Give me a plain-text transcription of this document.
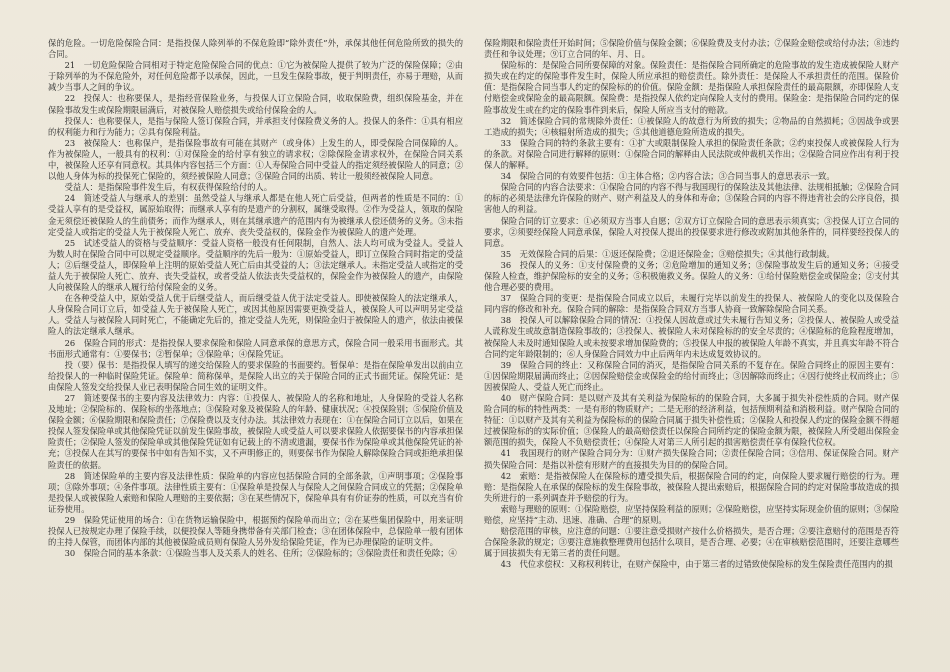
保的危险。一切危险保险合同：是指投保人除列举的不保危险即“除外责任”外，承保其他任何危险所致的损失的合同。

21　一切危险保险合同相对于特定危险保险合同的优点：①它为被保险人提供了较为广泛的保险保障；②由于除列举的为不保危险外，对任何危险都予以承保，因此，一旦发生保险事故，便于判明责任，亦易于理赔，从而减少当事人之间的争议。

22　投保人：也称要保人，是指经营保险业务，与投保人订立保险合同，收取保险费，组织保险基金，并在保险事故发生或保险期限届满后，对被保险人赔偿损失或给付保险金的人。

投保人：也称要保人，是指与保险人签订保险合同，并承担支付保险费义务的人。投保人的条件：①具有相应的权利能力和行为能力；②具有保险利益。

23　被保险人：也称保户，是指保险事故有可能在其财产（或身体）上发生的人，即受保险合同保障的人。作为被保险人，一般具有的权利：①对保险金的给付享有独立的请求权；②除保险金请求权外，在保险合同关系中，被保险人还享有同意权。其具体内容包括三个方面：①人寿保险合同中受益人的指定须经被保险人的同意；②以他人身体为标的投保死亡保险的，须经被保险人同意；③保险合同的出质、转让一般须经被保险人同意。

受益人：是指保险事件发生后，有权获得保险给付的人。

24　简述受益人与继承人的差别：虽然受益人与继承人都是在他人死亡后受益，但两者的性质是不同的：①受益人享有的是受益权，属原始取得；而继承人享有的是遗产的分割权，属继受取得。②作为受益人，领取的保险金无须偿还被保险人的生前债务；而作为继承人，则在其继承遗产的范围内有为被继承人偿还债务的义务。③未指定受益人或指定的受益人先于被保险人死亡、放弃、丧失受益权的，保险金作为被保险人的遗产处理。

25　试述受益人的资格与受益顺序：受益人资格一般没有任何限制，自然人、法人均可成为受益人。受益人为数人时在保险合同中可以规定受益顺序。受益顺序的先后一般为：①原始受益人，即订立保险合同时指定的受益人；②后继受益人，即保险单上注明的原始受益人死亡后由其受益的人；③法定继承人。未指定受益人或指定的受益人先于被保险人死亡、放弃、丧失受益权，或者受益人依法丧失受益权的，保险金作为被保险人的遗产，由保险人向被保险人的继承人履行给付保险金的义务。

在各种受益人中，原始受益人优于后继受益人，而后继受益人优于法定受益人。即使被保险人的法定继承人，人身保险合同订立后，如受益人先于被保险人死亡，或因其他原因需要更换受益人，被保险人可以声明另定受益人。受益人与被保险人同时死亡，不能确定先后的，推定受益人先死，则保险金归于被保险人的遗产，依法由被保险人的法定继承人继承。

26　保险合同的形式：是指投保人要求保险和保险人同意承保的意思方式，保险合同一般采用书面形式。其书面形式通常有：①要保书；②暂保单；③保险单；④保险凭证。

投（要）保书：是指投保人填写的递交给保险人的要求保险的书面要约。暂保单：是指在保险单发出以前由立给投保人的一种临时保险凭证。保险单：简称保单，是保险人出立的关于保险合同的正式书面凭证。保险凭证：是由保险人签发交给投保人业已表明保险合同生效的证明文件。

27　简述要保书的主要内容及法律效力：内容：①投保人、被保险人的名称和地址，人身保险的受益人名称及地址；②保险标的、保险标的坐落地点；③保险对象及被保险人的年龄、健康状况；④投保险别；⑤保险价值及保险金额；⑥保险期限和保险责任；⑦保险费以及支付办法。其法律效力表现在：①在保险合同订立以后，如果在投保人签发保险单或其他保险凭证以前发生保险事故，被保险人或受益人可以要求保险人依据要保书的内容承担保险责任；②保险人签发的保险单或其他保险凭证如有记载上的不清或遗漏，要保书作为保险单或其他保险凭证的补充；③投保人在其写的要保书中如有告知不实，又不声明修正的，则要保书作为保险人解除保险合同或拒绝承担保险责任的依据。

28　简述保险单的主要内容及法律性质：保险单的内容应包括保险合同的全部条款，①声明事项；②保险事项；③除外事项；④条件事项。法律性质主要有：①保险单是投保人与保险人之间保险合同成立的凭据；②保险单是投保人或被保险人索赔和保险人理赔的主要依据；③在某些情况下，保险单具有有价证券的性质，可以充当有价证券使用。

29　保险凭证使用的场合：①在货物运输保险中，根据预约保险单而出立；②在某些集团保险中，用来证明投保人已按规定办理了保险手续，以便投保人等随身携带备有关部门检查；③在团体保险中，总保险单一般有团体的主持人保管，而团体内部的其他被保险成员则有保险人另外发给保险凭证，作为已办理保险的证明文件。

30　保险合同的基本条款：①保险当事人及关系人的姓名、住所；②保险标的；③保险责任和责任免除；④

保险期限和保险责任开始时间；⑤保险价值与保险金额；⑥保险费及支付办法；⑦保险金赔偿或给付办法；⑧违约责任和争议处理；⑨订立合同的年、月、日。

保险标的：是保险合同所要保障的对象。保险责任：是指保险合同所确定的危险事故的发生造成被保险人财产损失或在约定的保险事件发生时，保险人所应承担的赔偿责任。除外责任：是保险人不承担责任的范围。保险价值：是指保险合同当事人约定的保险标的的价值。保险金额：是指保险人承担保险责任的最高限额，亦即保险人支付赔偿金或保险金的最高限额。保险费：是指投保人依约定向保险人支付的费用。保险金：是指保险合同约定的保险事故发生或在约定的保险事件到来后，保险人所应当支付的赔款。

32　简述保险合同的常规除外责任：①被保险人的故意行为所致的损失；②物品的自然损耗；③因战争或罢工造成的损失；④核辐射所造成的损失；⑤其他道德危险所造成的损失。

33　保险合同的特约条款主要有：①扩大或限制保险人承担的保险责任条款；②约束投保人或被保险人行为的条款。对保险合同进行解释的原则：①保险合同的解释由人民法院或仲裁机关作出；②保险合同应作出有利于投保人的解释。

34　保险合同的有效要件包括：①主体合格；②内容合法；③合同当事人的意思表示一致。

保险合同的内容合法要求：①保险合同的内容不得与我国现行的保险法及其他法律、法规相抵触；②保险合同的标的必须是法律允许保险的财产、财产利益及人的身体和寿命；③保险合同的内容不得违背社会的公序良俗，损害他人的利益。

保险合同的订立要求：①必须双方当事人自愿；②双方订立保险合同的意思表示须真实；③投保人订立合同的要求，②须要经保险人同意承保，保险人对投保人提出的投保要求进行修改或附加其他条件的，同样要经投保人的同意。

35　无效保险合同的后果：①返还保险费；②退还保险金；③赔偿损失；④其他行政制裁。

36　投保人的义务：①支付保险费的义务；②危险增加的通知义务；③保险事故发生后的通知义务；④接受保险人检查，维护保险标的安全的义务；⑤积极施救义务。保险人的义务：①给付保险赔偿金或保险金；②支付其他合理必要的费用。

37　保险合同的变更：是指保险合同成立以后，未履行完毕以前发生的投保人、被保险人的变化以及保险合同内容的修改和补充。保险合同的解除：是指保险合同双方当事人协商一致解除保险合同关系。

38　投保人可以解除保险合同的情况：①投保人因故意或过失未履行告知义务；②投保人、被保险人或受益人谎称发生或故意制造保险事故的；③投保人、被保险人未对保险标的的安全尽责的；④保险标的危险程度增加，被保险人未及时通知保险人或未按要求增加保险费的；⑤投保人申报的被保险人年龄不真实，并且真实年龄不符合合同约定年龄限制的；⑥人身保险合同效力中止后两年内未达成复效协议的。

39　保险合同的终止：又称保险合同的消灭，是指保险合同关系的不复存在。保险合同终止的原因主要有：①因保险期限届满而终止；②因保险赔偿金或保险金的给付而终止；③因解除而终止；④因行使终止权而终止；⑤因被保险人、受益人死亡而终止。

40　财产保险合同：是以财产及其有关利益为保险标的的保险合同，大多属于损失补偿性质的合同。财产保险合同的标的特性两类：一是有形的物质财产；二是无形的经济利益，包括预期利益和消极利益。财产保险合同的特征：①以财产及其有关利益为保险标的的保险合同属于损失补偿性质；②保险人和投保人约定的保险金额不得超过被保险标的的实际价值；③保险人的最高赔偿责任以保险合同所约定的保险金额为限，被保险人所受超出保险金额范围的损失，保险人不负赔偿责任；④保险人对第三人所引起的损害赔偿责任享有保险代位权。

41　我国现行的财产保险合同分为：①财产损失保险合同；②责任保险合同；③信用、保证保险合同。财产损失保险合同：是指以补偿有形财产的直接损失为目的的保险合同。

42　索赔：是指被保险人在保险标的遭受损失后，根据保险合同的约定，向保险人要求履行赔偿的行为。理赔：是指保险人在承保的保险标的发生保险事故，被保险人提出索赔后，根据保险合同的约定对保险事故造成的损失所进行的一系列调查并予赔偿的行为。

索赔与理赔的原则：①保险赔偿，应坚持保险利益的原则；②保险赔偿，应坚持实际现金价值的原则；③保险赔偿，应坚持“主动、迅速、准确、合理”的原则。

赔偿范围的审核，应注意的问题：①要注意受损财产按什么价格损失，是否合理；②要注意赔付的范围是否符合保险条款的规定；③要注意施救整理费用包括什么项目，是否合理、必要；④在审核赔偿范围时，还要注意哪些属于回拔损失有无第三者的责任问题。

43　代位求偿权：又称权利转让，在财产保险中，由于第三者的过错致使保险标的发生保险责任范围内的损
